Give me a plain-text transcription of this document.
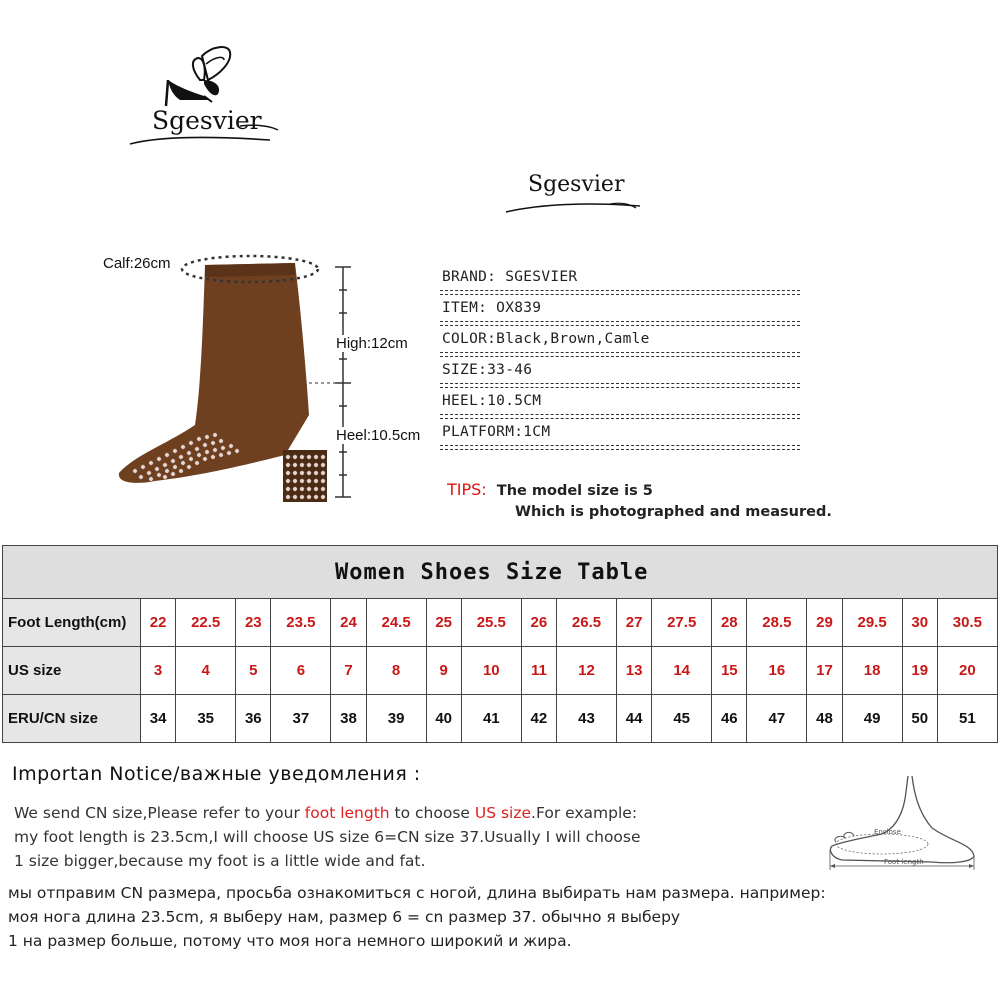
Sgesvier
Sgesvier
Calf:26cm
High:12cm
Heel:10.5cm
BRAND: SGESVIER
ITEM: OX839
COLOR:Black,Brown,Camle
SIZE:33-46
HEEL:10.5CM
PLATFORM:1CM
TIPS: The model size is 5
Which is photographed and measured.
Women Shoes Size Table																		
Foot Length(cm)	22	22.5	23	23.5	24	24.5	25	25.5	26	26.5	27	27.5	28	28.5	29	29.5	30	30.5
US size	3	4	5	6	7	8	9	10	11	12	13	14	15	16	17	18	19	20
ERU/CN size	34	35	36	37	38	39	40	41	42	43	44	45	46	47	48	49	50	51
Importan Notice/важные уведомления :
We send CN size,Please refer to your foot length to choose US size.For example:
my foot length is 23.5cm,I will choose US size 6=CN size 37.Usually I will choose
1 size bigger,because my foot is a little wide and fat.
мы отправим CN размера, просьба ознакомиться с ногой, длина выбирать нам размера. например:
моя нога длина 23.5cm, я выберу нам, размер 6 = cn размер 37. обычно я выберу
1 на размер больше, потому что моя нога немного широкий и жира.
Enclose
Foot length
